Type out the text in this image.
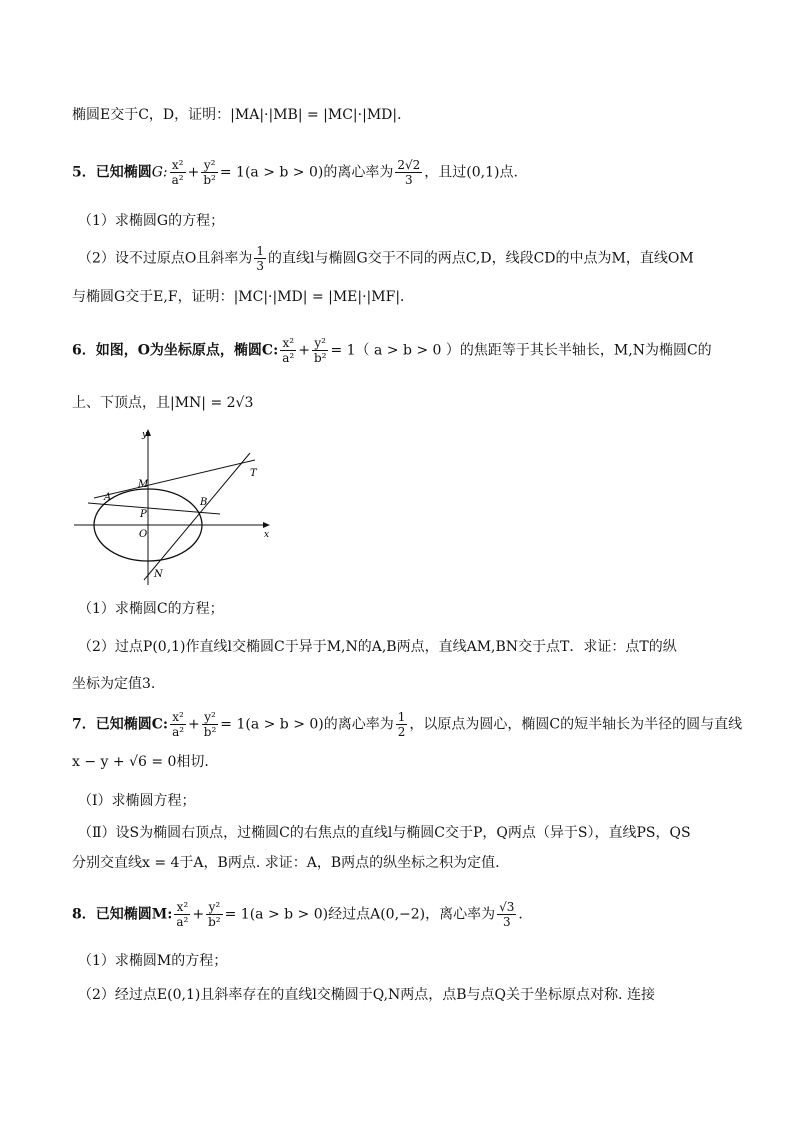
椭圆E交于C，D，证明：|MA|·|MB| = |MC|·|MD|．
5．已知椭圆G: $\frac{\text{x²}}{\text{a²}} + \frac{\text{y²}}{\text{b²}} = 1(a > b > 0)$的离心率为 $\frac{2√2}{3}$ ，且过(0,1)点.
（1）求椭圆G的方程；
（2）设不过原点O且斜率为 $\frac{1}{3}$ 的直线l与椭圆G交于不同的两点C,D，线段CD的中点为M，直线OM
与椭圆G交于E,F，证明：|MC|·|MD| = |ME|·|MF|．
6．如图，O为坐标原点，椭圆C: $\frac{\text{x²}}{\text{a²}} + \frac{\text{y²}}{\text{b²}} = 1$（ a > b > 0 ）的焦距等于其长半轴长，M,N为椭圆C的
上、下顶点，且|MN| = 2√3
y
x
T
M
A	B
P
O
N
（1）求椭圆C的方程；
（2）过点P(0,1)作直线l交椭圆C于异于M,N的A,B两点，直线AM,BN交于点T．求证：点T的纵
坐标为定值3.
7．已知椭圆C: $\frac{\text{x²}}{\text{a²}} + \frac{\text{y²}}{\text{b²}} = 1(a > b > 0)$的离心率为 $\frac{1}{2}$ ，以原点为圆心，椭圆C的短半轴长为半径的圆与直线
x − y + √6 = 0相切.
（Ⅰ）求椭圆方程；
（Ⅱ）设S为椭圆右顶点，过椭圆C的右焦点的直线l与椭圆C交于P，Q两点（异于S），直线PS，QS
分别交直线x = 4于A，B两点. 求证：A，B两点的纵坐标之积为定值.
8．已知椭圆M: $\frac{\text{x²}}{\text{a²}} + \frac{\text{y²}}{\text{b²}} = 1(a > b > 0)$经过点A(0,−2)，离心率为 $\frac{√3}{3}$ ．
（1）求椭圆M的方程；
（2）经过点E(0,1)且斜率存在的直线l交椭圆于Q,N两点，点B与点Q关于坐标原点对称. 连接
